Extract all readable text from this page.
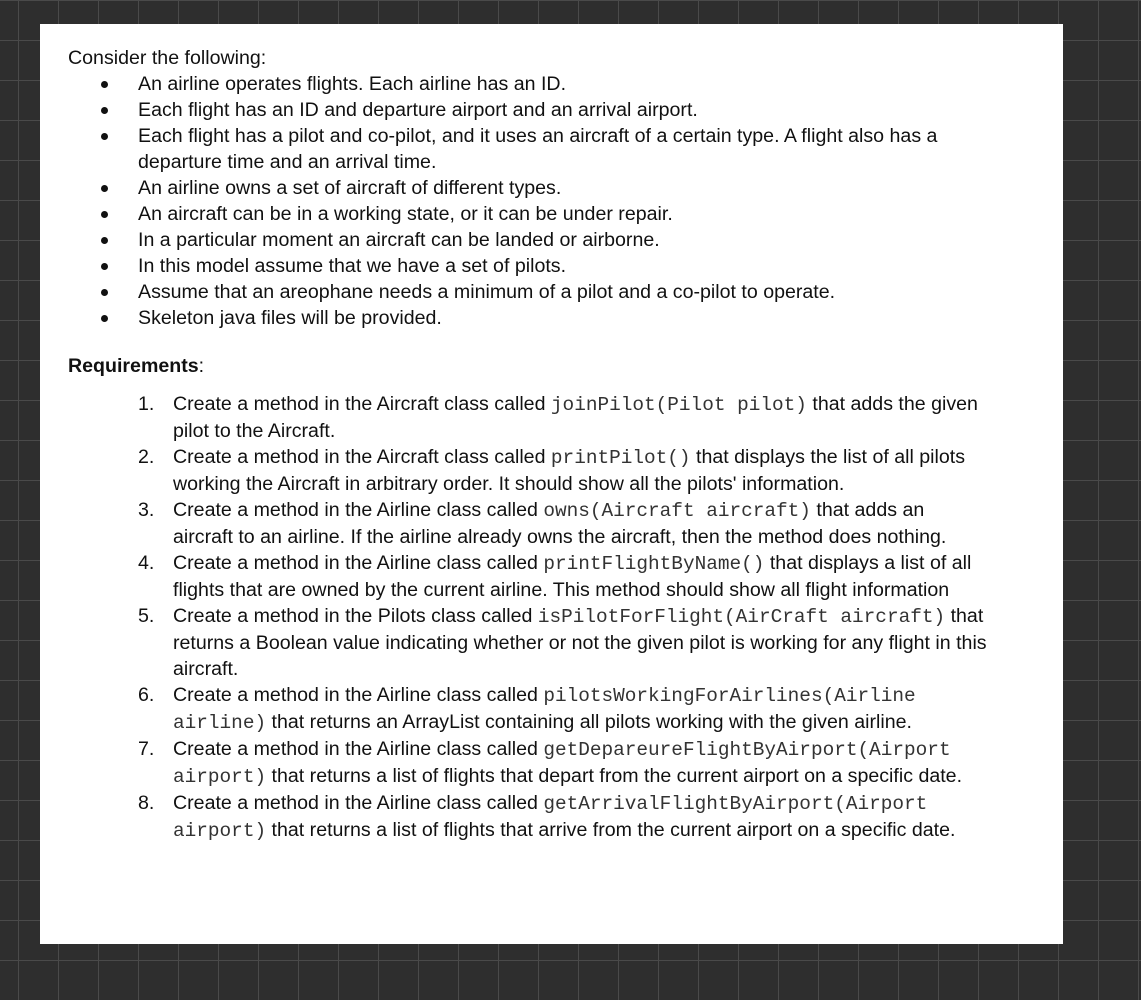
Consider the following:

An airline operates flights. Each airline has an ID.
Each flight has an ID and departure airport and an arrival airport.
Each flight has a pilot and co-pilot, and it uses an aircraft of a certain type. A flight also has a departure time and an arrival time.
An airline owns a set of aircraft of different types.
An aircraft can be in a working state, or it can be under repair.
In a particular moment an aircraft can be landed or airborne.
In this model assume that we have a set of pilots.
Assume that an areophane needs a minimum of a pilot and a co-pilot to operate.
Skeleton java files will be provided.

Requirements:

1. Create a method in the Aircraft class called joinPilot(Pilot pilot) that adds the given pilot to the Aircraft.
2. Create a method in the Aircraft class called printPilot() that displays the list of all pilots working the Aircraft in arbitrary order. It should show all the pilots' information.
3. Create a method in the Airline class called owns(Aircraft aircraft) that adds an aircraft to an airline. If the airline already owns the aircraft, then the method does nothing.
4. Create a method in the Airline class called printFlightByName() that displays a list of all flights that are owned by the current airline. This method should show all flight information
5. Create a method in the Pilots class called isPilotForFlight(AirCraft aircraft) that returns a Boolean value indicating whether or not the given pilot is working for any flight in this aircraft.
6. Create a method in the Airline class called pilotsWorkingForAirlines(Airline airline) that returns an ArrayList containing all pilots working with the given airline.
7. Create a method in the Airline class called getDepareureFlightByAirport(Airport airport) that returns a list of flights that depart from the current airport on a specific date.
8. Create a method in the Airline class called getArrivalFlightByAirport(Airport airport) that returns a list of flights that arrive from the current airport on a specific date.
